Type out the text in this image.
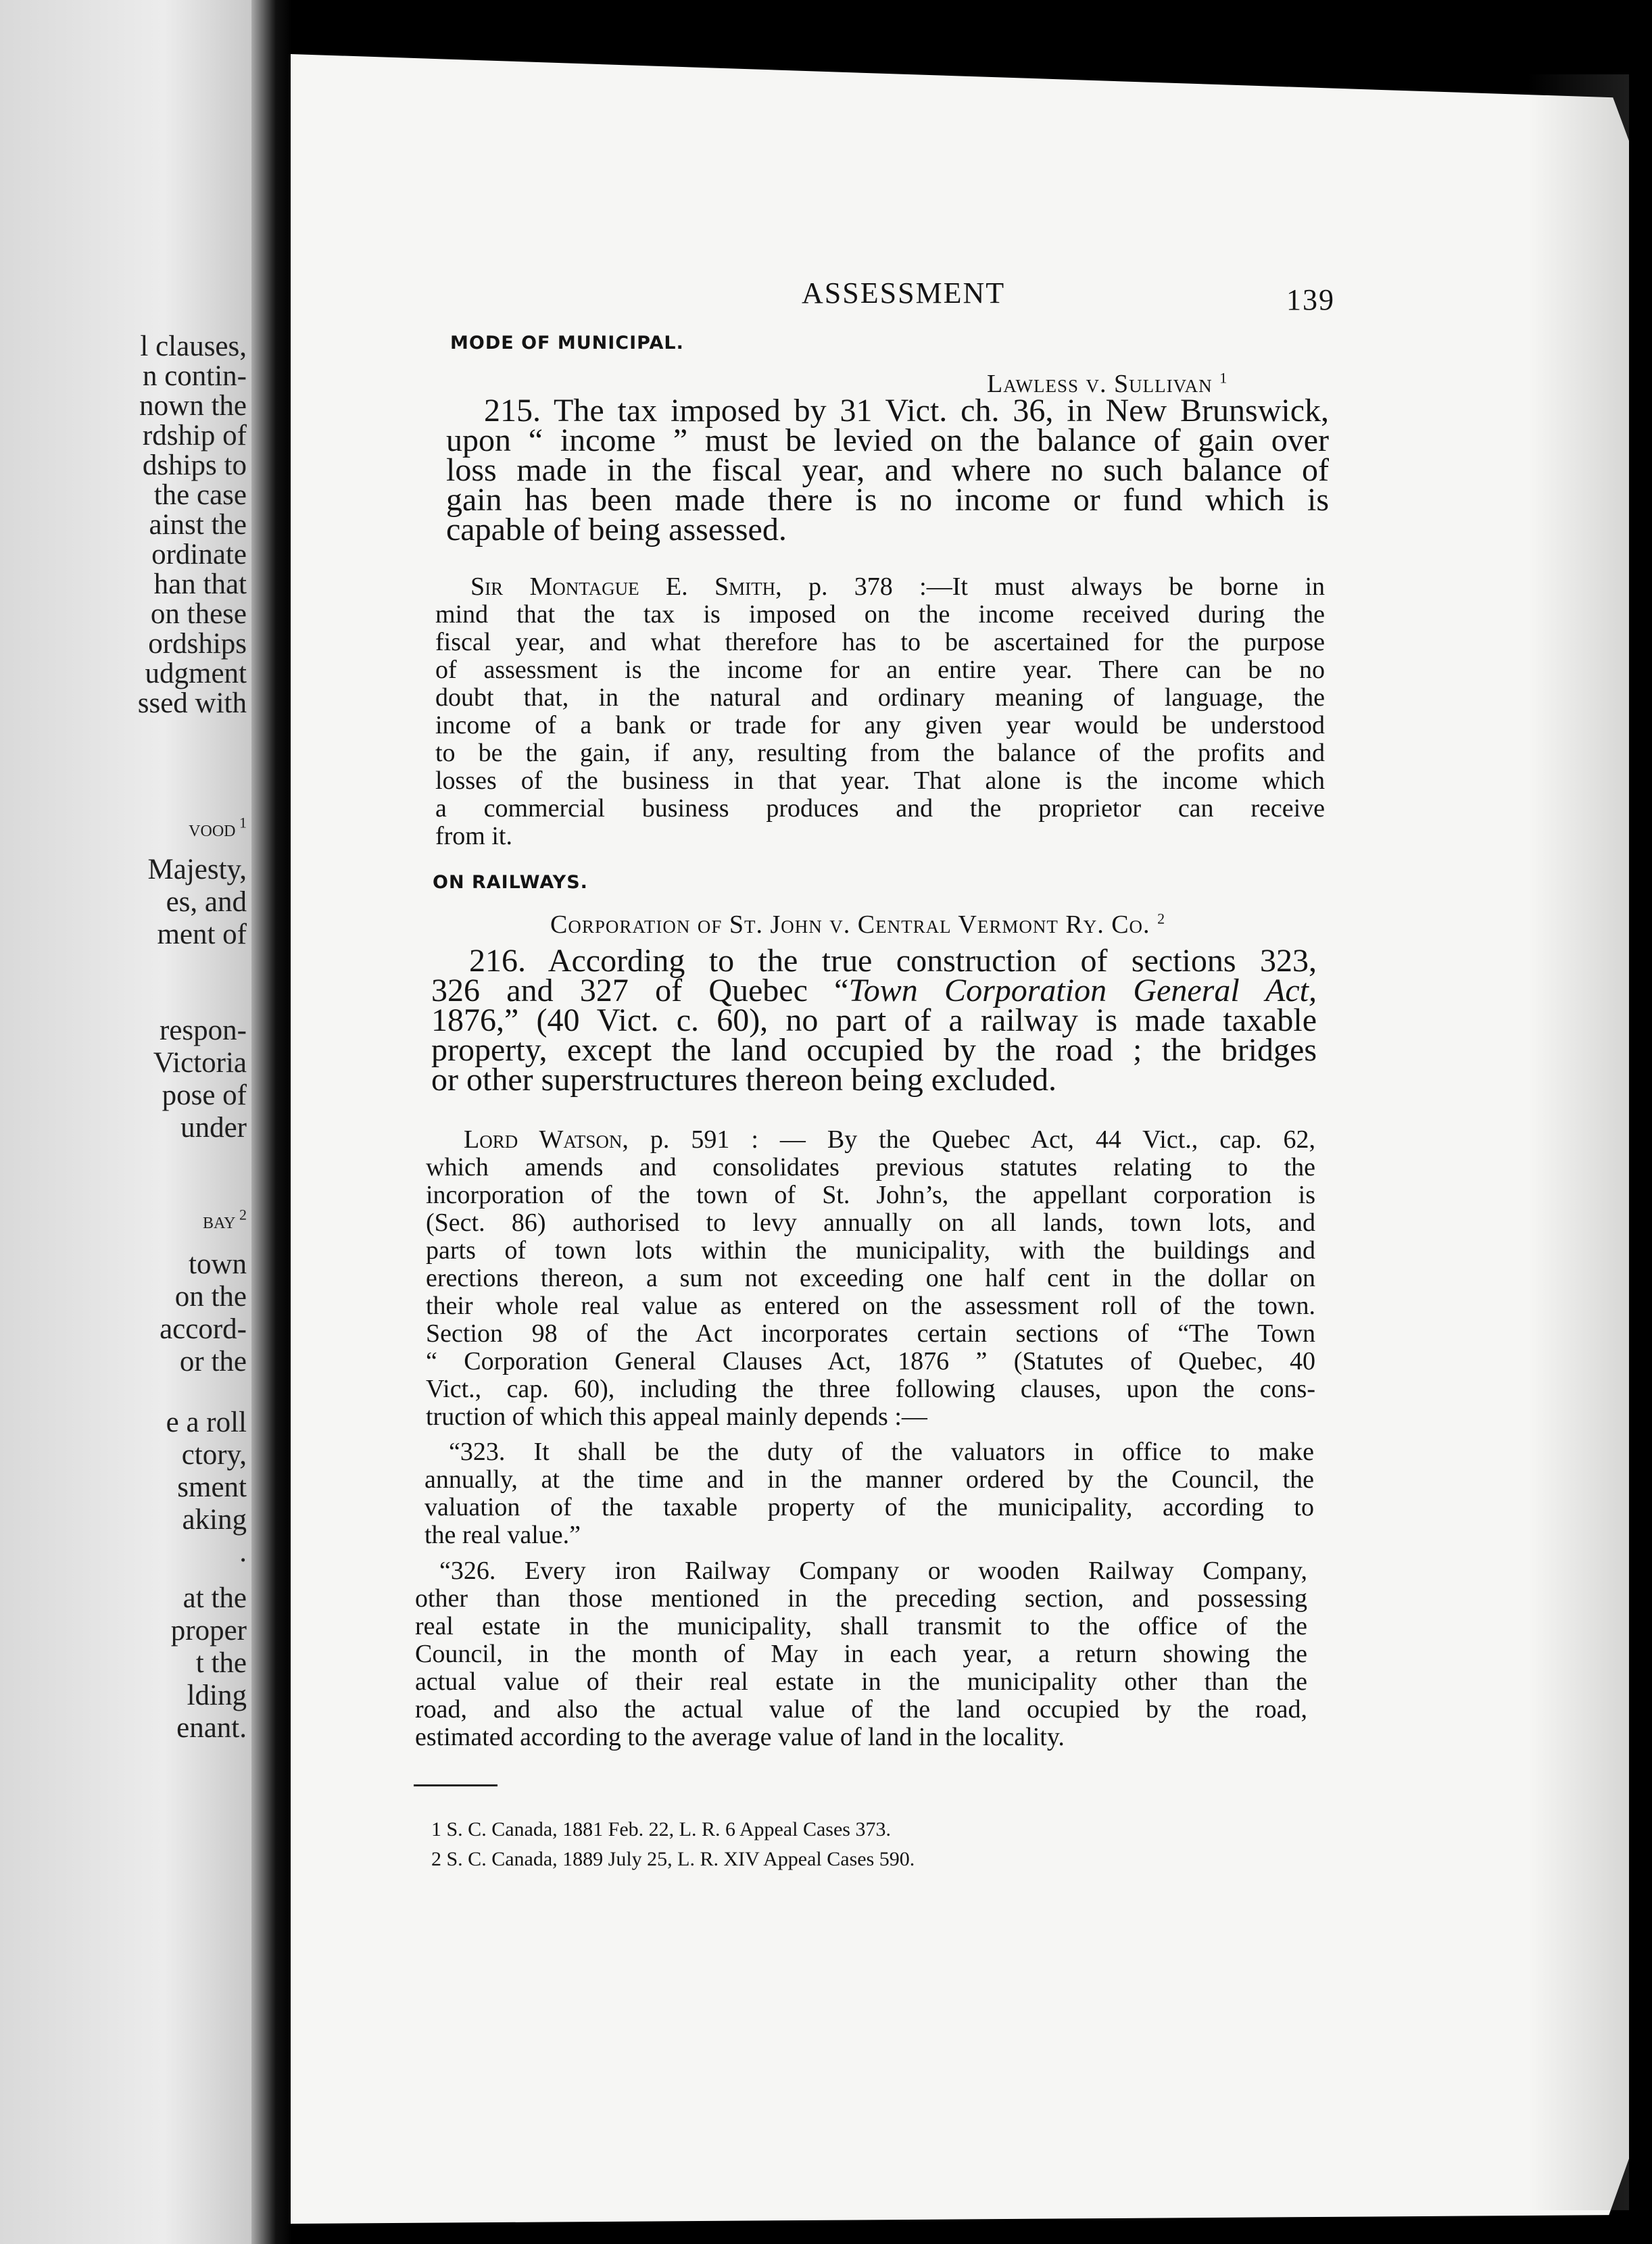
l clauses,
n contin-
nown the
rdship of
dships to
the case
ainst the
ordinate
han that
on these
ordships
udgment
ssed with
vood $^1$
Majesty,
es, and
ment of
respon-
Victoria
pose of
under
bay $^2$
town
on the
accord-
or the
e a roll
ctory,
sment
aking
.
at the
proper
t the
lding
enant.
ASSESSMENT	139
MODE OF MUNICIPAL.
Lawless v. Sullivan $^1$
215. The tax imposed by 31 Vict. ch. 36, in New Brunswick,
upon “ income ” must be levied on the balance of gain over
loss made in the fiscal year, and where no such balance of
gain has been made there is no income or fund which is
capable of being assessed.
Sir Montague E. Smith, p. 378 :—It must always be borne in
mind that the tax is imposed on the income received during the
fiscal year, and what therefore has to be ascertained for the purpose
of assessment is the income for an entire year. There can be no
doubt that, in the natural and ordinary meaning of language, the
income of a bank or trade for any given year would be understood
to be the gain, if any, resulting from the balance of the profits and
losses of the business in that year. That alone is the income which
a commercial business produces and the proprietor can receive
from it.
ON RAILWAYS.
Corporation of St. John v. Central Vermont Ry. Co. $^2$
216. According to the true construction of sections 323,
326 and 327 of Quebec “Town Corporation General Act,
1876,” (40 Vict. c. 60), no part of a railway is made taxable
property, except the land occupied by the road ; the bridges
or other superstructures thereon being excluded.
Lord Watson, p. 591 : — By the Quebec Act, 44 Vict., cap. 62,
which amends and consolidates previous statutes relating to the
incorporation of the town of St. John’s, the appellant corporation is
(Sect. 86) authorised to levy annually on all lands, town lots, and
parts of town lots within the municipality, with the buildings and
erections thereon, a sum not exceeding one half cent in the dollar on
their whole real value as entered on the assessment roll of the town.
Section 98 of the Act incorporates certain sections of “The Town
“ Corporation General Clauses Act, 1876 ” (Statutes of Quebec, 40
Vict., cap. 60), including the three following clauses, upon the cons-
truction of which this appeal mainly depends :—
“323. It shall be the duty of the valuators in office to make
annually, at the time and in the manner ordered by the Council, the
valuation of the taxable property of the municipality, according to
the real value.”
“326. Every iron Railway Company or wooden Railway Company,
other than those mentioned in the preceding section, and possessing
real estate in the municipality, shall transmit to the office of the
Council, in the month of May in each year, a return showing the
actual value of their real estate in the municipality other than the
road, and also the actual value of the land occupied by the road,
estimated according to the average value of land in the locality.
1 S. C. Canada, 1881 Feb. 22, L. R. 6 Appeal Cases 373.
2 S. C. Canada, 1889 July 25, L. R. XIV Appeal Cases 590.
